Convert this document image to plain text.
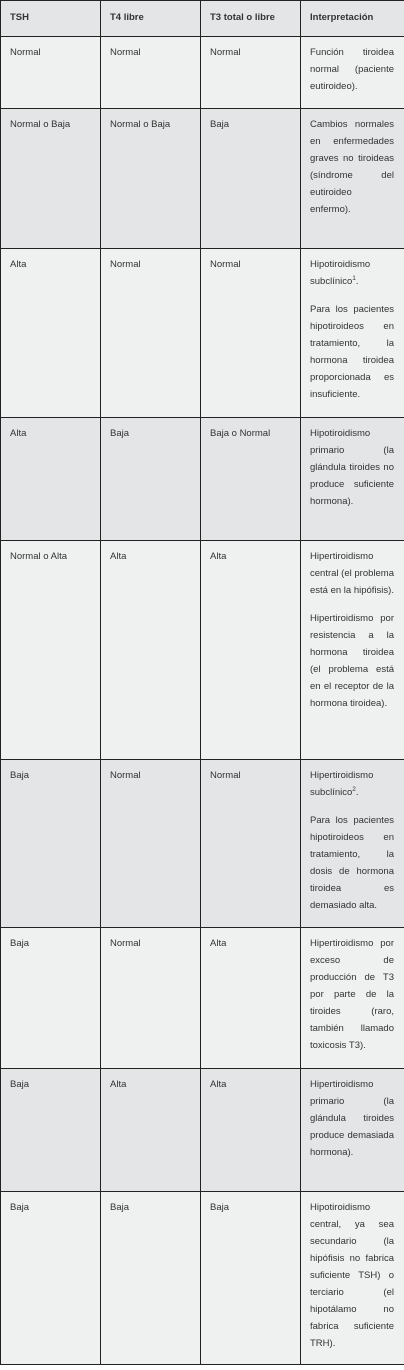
TSH	T4 libre	T3 total o libre	Interpretación
Normal	Normal	Normal	Función tiroidea normal (paciente eutiroideo).

Normal o Baja	Normal o Baja	Baja	Cambios normales en enfermedades graves no tiroideas (síndrome del eutiroideo enfermo).

Alta	Normal	Normal	Hipotiroidismo subclínico$^1$.

Para los pacientes hipotiroideos en tratamiento, la hormona tiroidea proporcionada es insuficiente.

Alta	Baja	Baja o Normal	Hipotiroidismo primario (la glándula tiroides no produce suficiente hormona).

Normal o Alta	Alta	Alta	Hipertiroidismo central (el problema está en la hipófisis).

Hipertiroidismo por resistencia a la hormona tiroidea (el problema está en el receptor de la hormona tiroidea).

Baja	Normal	Normal	Hipertiroidismo subclínico$^2$.

Para los pacientes hipotiroideos en tratamiento, la dosis de hormona tiroidea es demasiado alta.

Baja	Normal	Alta	Hipertiroidismo por exceso de producción de T3 por parte de la tiroides (raro, también llamado toxicosis T3).

Baja	Alta	Alta	Hipertiroidismo primario (la glándula tiroides produce demasiada hormona).

Baja	Baja	Baja	Hipotiroidismo central, ya sea secundario (la hipófisis no fabrica suficiente TSH) o terciario (el hipotálamo no fabrica suficiente TRH).
